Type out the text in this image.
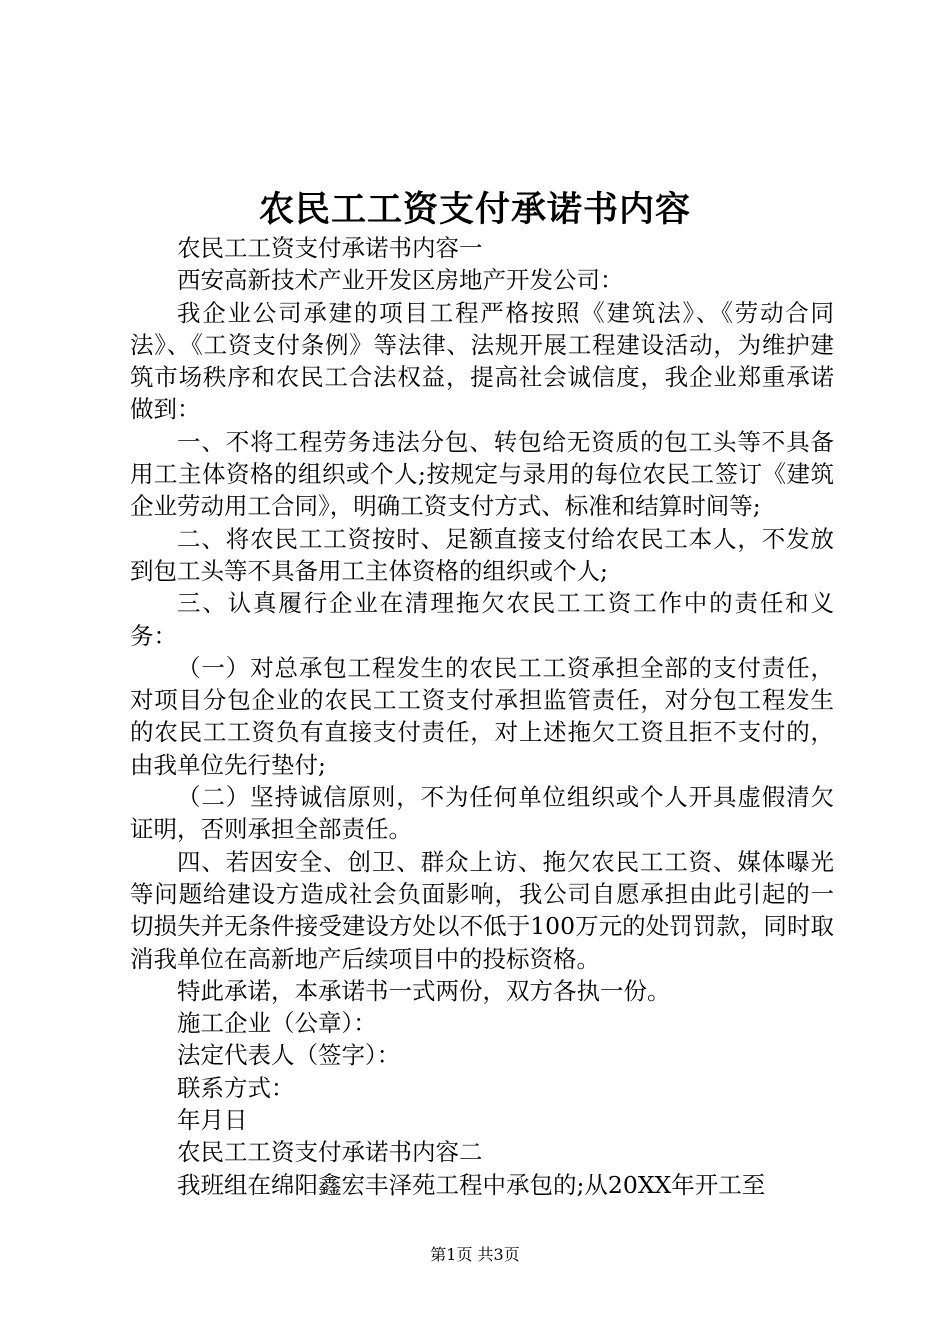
农民工工资支付承诺书内容

农民工工资支付承诺书内容一

西安高新技术产业开发区房地产开发公司：

我企业公司承建的项目工程严格按照《建筑法》、《劳动合同法》、《工资支付条例》等法律、法规开展工程建设活动，为维护建筑市场秩序和农民工合法权益，提高社会诚信度，我企业郑重承诺做到：

一、不将工程劳务违法分包、转包给无资质的包工头等不具备用工主体资格的组织或个人;按规定与录用的每位农民工签订《建筑企业劳动用工合同》，明确工资支付方式、标准和结算时间等;

二、将农民工工资按时、足额直接支付给农民工本人，不发放到包工头等不具备用工主体资格的组织或个人;

三、认真履行企业在清理拖欠农民工工资工作中的责任和义务：

（一）对总承包工程发生的农民工工资承担全部的支付责任，对项目分包企业的农民工工资支付承担监管责任，对分包工程发生的农民工工资负有直接支付责任，对上述拖欠工资且拒不支付的，由我单位先行垫付;

（二）坚持诚信原则，不为任何单位组织或个人开具虚假清欠证明，否则承担全部责任。

四、若因安全、创卫、群众上访、拖欠农民工工资、媒体曝光等问题给建设方造成社会负面影响，我公司自愿承担由此引起的一切损失并无条件接受建设方处以不低于100万元的处罚罚款，同时取消我单位在高新地产后续项目中的投标资格。

特此承诺，本承诺书一式两份，双方各执一份。

施工企业（公章）：

法定代表人（签字）：

联系方式：

年月日

农民工工资支付承诺书内容二

我班组在绵阳鑫宏丰泽苑工程中承包的;从20XX年开工至

第1页 共3页
